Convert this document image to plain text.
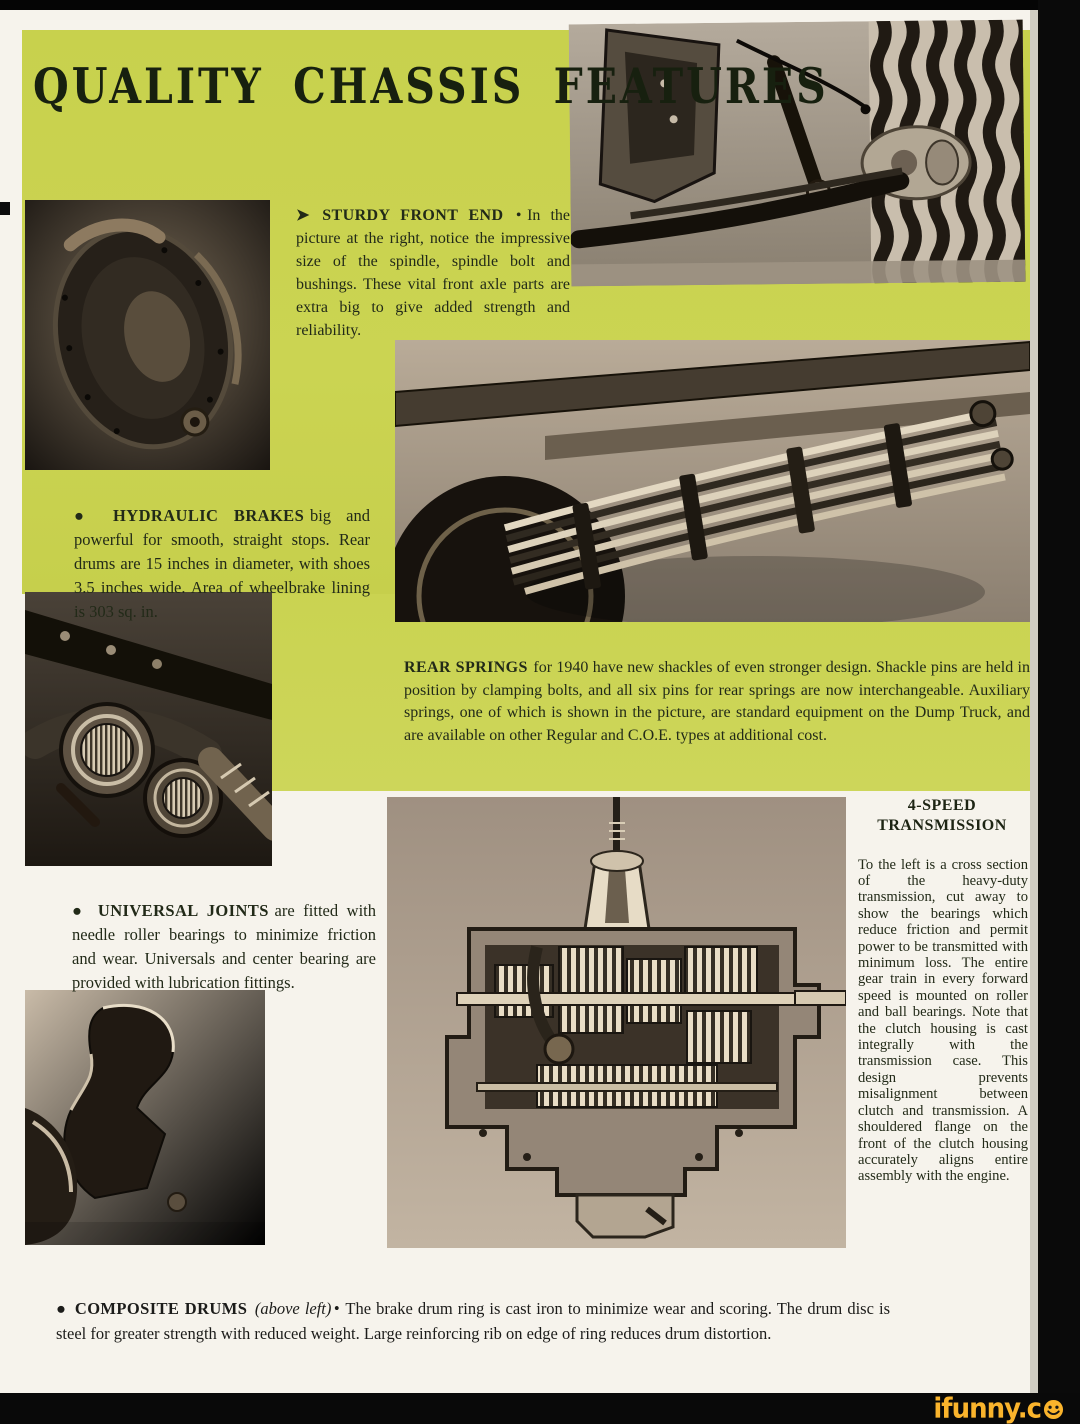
QUALITY CHASSIS FEATURES

➤ STURDY FRONT END • In the picture at the right, notice the impressive size of the spindle, spindle bolt and bushings. These vital front axle parts are extra big to give added strength and reliability.

● HYDRAULIC BRAKES big and powerful for smooth, straight stops. Rear drums are 15 inches in diameter, with shoes 3.5 inches wide. Area of wheelbrake lining is 303 sq. in.

REAR SPRINGS for 1940 have new shackles of even stronger design. Shackle pins are held in position by clamping bolts, and all six pins for rear springs are now interchangeable. Auxiliary springs, one of which is shown in the picture, are standard equipment on the Dump Truck, and are available on other Regular and C.O.E. types at additional cost.

● UNIVERSAL JOINTS are fitted with needle roller bearings to minimize friction and wear. Universals and center bearing are provided with lubrication fittings.

4-SPEED
TRANSMISSION

To the left is a cross section of the heavy-duty transmission, cut away to show the bearings which reduce friction and permit power to be transmitted with minimum loss. The entire gear train in every forward speed is mounted on roller and ball bearings. Note that the clutch housing is cast integrally with the transmission case. This design prevents misalignment between clutch and transmission. A shouldered flange on the front of the clutch housing accurately aligns entire assembly with the engine.

● COMPOSITE DRUMS (above left) • The brake drum ring is cast iron to minimize wear and scoring. The drum disc is steel for greater strength with reduced weight. Large reinforcing rib on edge of ring reduces drum distortion.

ifunny.c
